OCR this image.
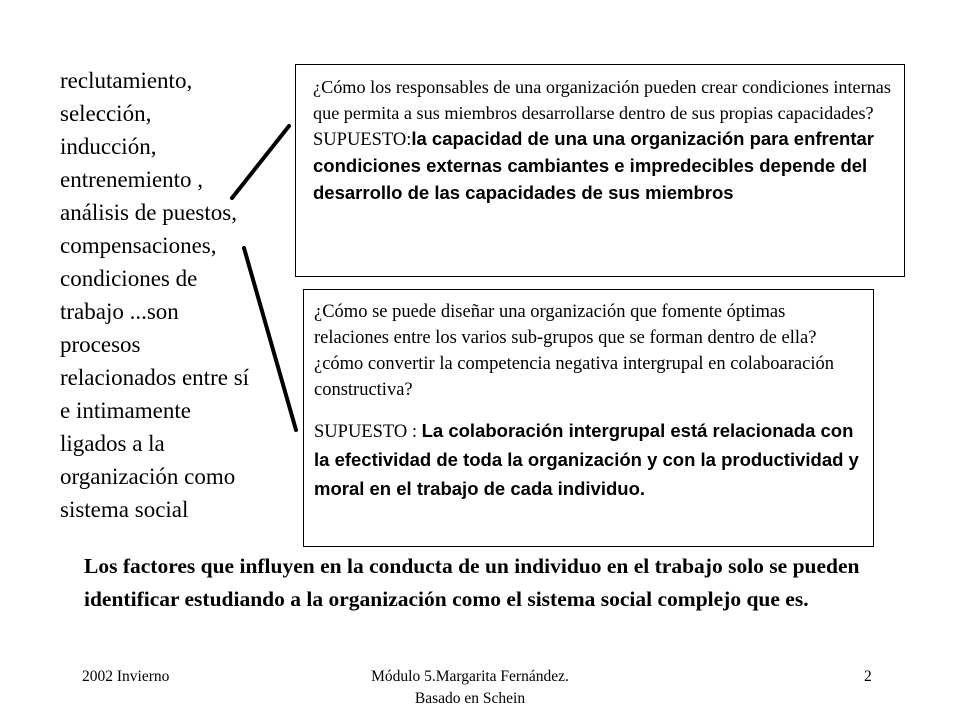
reclutamiento,
selección,
inducción,
entrenemiento ,
análisis de puestos,
compensaciones,
condiciones de
trabajo ...son
procesos
relacionados entre sí
e intimamente
ligados a la
organización como
sistema social

¿Cómo los responsables de una organización pueden crear condiciones internas que permita a sus miembros desarrollarse dentro de sus propias capacidades?

SUPUESTO:la capacidad de una una organización para enfrentar condiciones externas cambiantes e impredecibles depende del desarrollo de las capacidades de sus miembros

¿Cómo se puede diseñar una organización que fomente óptimas relaciones entre los varios sub-grupos que se forman dentro de ella? ¿cómo convertir la competencia negativa intergrupal en colaboaración constructiva?

SUPUESTO : La colaboración intergrupal está relacionada con la efectividad de toda la organización y con la productividad y moral en el trabajo de cada individuo.

Los factores que influyen en la conducta de un individuo en el trabajo solo se pueden identificar estudiando a la organización como el sistema social complejo que es.
2002 Invierno	Módulo 5.Margarita Fernández.
Basado en Schein
2
